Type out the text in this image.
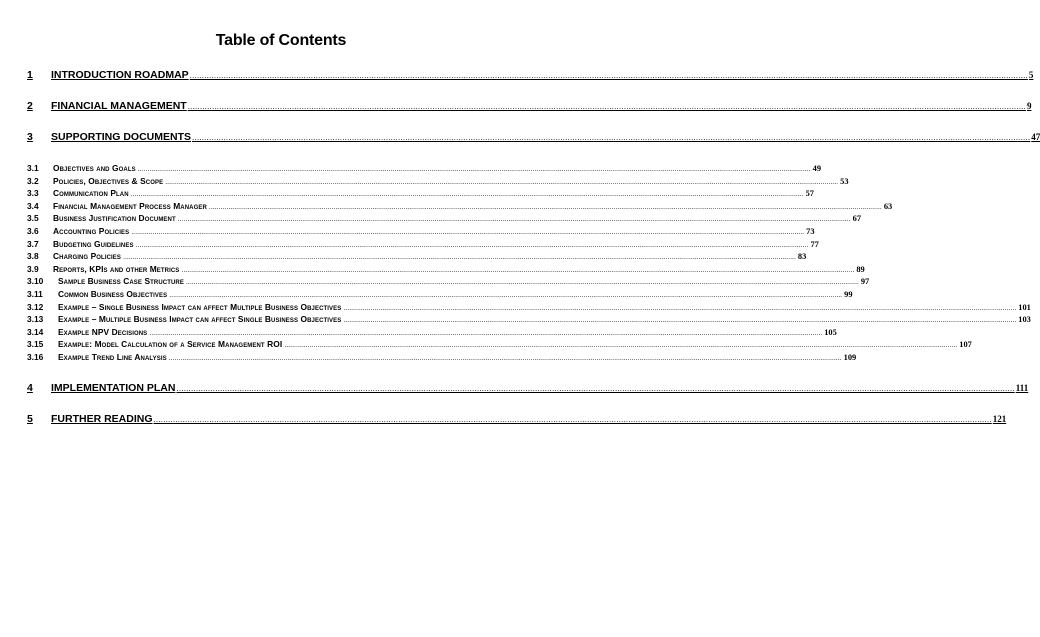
Table of Contents
1	INTRODUCTION ROADMAP .......................................................................................................................................................................................................................................................................................................................................................... 5
2	FINANCIAL MANAGEMENT .......................................................................................................................................................................................................................................................................................................................................................... 9
3	SUPPORTING DOCUMENTS .......................................................................................................................................................................................................................................................................................................................................................... 47
3.1	Objectives and Goals .......................................................................................................................................................................................................................................................................................................................................................... 49
3.2	Policies, Objectives & Scope .......................................................................................................................................................................................................................................................................................................................................................... 53
3.3	Communication Plan .......................................................................................................................................................................................................................................................................................................................................................... 57
3.4	Financial Management Process Manager .......................................................................................................................................................................................................................................................................................................................................................... 63
3.5	Business Justification Document .......................................................................................................................................................................................................................................................................................................................................................... 67
3.6	Accounting Policies .......................................................................................................................................................................................................................................................................................................................................................... 73
3.7	Budgeting Guidelines .......................................................................................................................................................................................................................................................................................................................................................... 77
3.8	Charging Policies .......................................................................................................................................................................................................................................................................................................................................................... 83
3.9	Reports, KPIs and other Metrics .......................................................................................................................................................................................................................................................................................................................................................... 89
3.10	Sample Business Case Structure .......................................................................................................................................................................................................................................................................................................................................................... 97
3.11	Common Business Objectives .......................................................................................................................................................................................................................................................................................................................................................... 99
3.12	Example – Single Business Impact can affect Multiple Business Objectives .......................................................................................................................................................................................................................................................................................................................................................... 101
3.13	Example – Multiple Business Impact can affect Single Business Objectives .......................................................................................................................................................................................................................................................................................................................................................... 103
3.14	Example NPV Decisions .......................................................................................................................................................................................................................................................................................................................................................... 105
3.15	Example: Model Calculation of a Service Management ROI .......................................................................................................................................................................................................................................................................................................................................................... 107
3.16	Example Trend Line Analysis .......................................................................................................................................................................................................................................................................................................................................................... 109
4	IMPLEMENTATION PLAN .......................................................................................................................................................................................................................................................................................................................................................... 111
5	FURTHER READING .......................................................................................................................................................................................................................................................................................................................................................... 121
